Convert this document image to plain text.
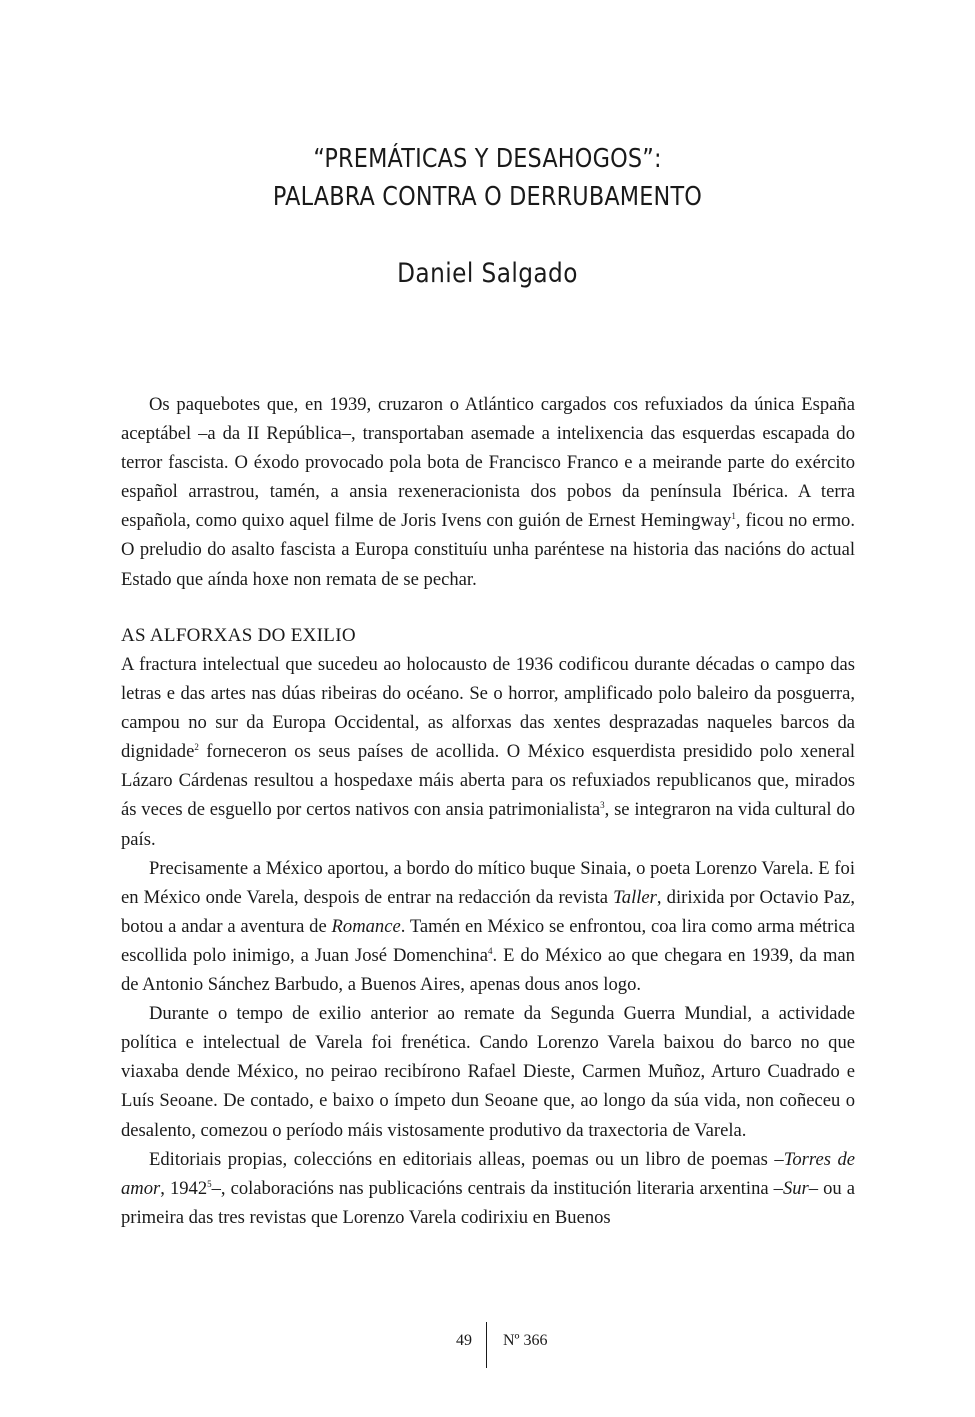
“PREMÁTICAS Y DESAHOGOS”:
PALABRA CONTRA O DERRUBAMENTO
Daniel Salgado

Os paquebotes que, en 1939, cruzaron o Atlántico cargados cos refuxiados da única España aceptábel –a da II República–, transportaban asemade a intelixencia das esquerdas escapada do terror fascista. O éxodo provocado pola bota de Francisco Franco e a meirande parte do exército español arrastrou, tamén, a ansia rexeneracionista dos pobos da península Ibérica. A terra española, como quixo aquel filme de Joris Ivens con guión de Ernest Hemingway$^1$, ficou no ermo. O preludio do asalto fascista a Europa constituíu unha paréntese na historia das nacións do actual Estado que aínda hoxe non remata de se pechar.

AS ALFORXAS DO EXILIO

A fractura intelectual que sucedeu ao holocausto de 1936 codificou durante décadas o campo das letras e das artes nas dúas ribeiras do océano. Se o horror, amplificado polo baleiro da posguerra, campou no sur da Europa Occidental, as alforxas das xentes desprazadas naqueles barcos da dignidade$^2$ forneceron os seus países de acollida. O México esquerdista presidido polo xeneral Lázaro Cárdenas resultou a hospedaxe máis aberta para os refuxiados republicanos que, mirados ás veces de esguello por certos nativos con ansia patrimonialista$^3$, se integraron na vida cultural do país.

Precisamente a México aportou, a bordo do mítico buque Sinaia, o poeta Lorenzo Varela. E foi en México onde Varela, despois de entrar na redacción da revista Taller, dirixida por Octavio Paz, botou a andar a aventura de Romance. Tamén en México se enfrontou, coa lira como arma métrica escollida polo inimigo, a Juan José Domenchina$^4$. E do México ao que chegara en 1939, da man de Antonio Sánchez Barbudo, a Buenos Aires, apenas dous anos logo.

Durante o tempo de exilio anterior ao remate da Segunda Guerra Mundial, a actividade política e intelectual de Varela foi frenética. Cando Lorenzo Varela baixou do barco no que viaxaba dende México, no peirao recibírono Rafael Dieste, Carmen Muñoz, Arturo Cuadrado e Luís Seoane. De contado, e baixo o ímpeto dun Seoane que, ao longo da súa vida, non coñeceu o desalento, comezou o período máis vistosamente produtivo da traxectoria de Varela.

Editoriais propias, coleccións en editoriais alleas, poemas ou un libro de poemas –Torres de amor, 1942$^5$–, colaboracións nas publicacións centrais da institución literaria arxentina –Sur– ou a primeira das tres revistas que Lorenzo Varela codirixiu en Buenos

49 Nº 366
